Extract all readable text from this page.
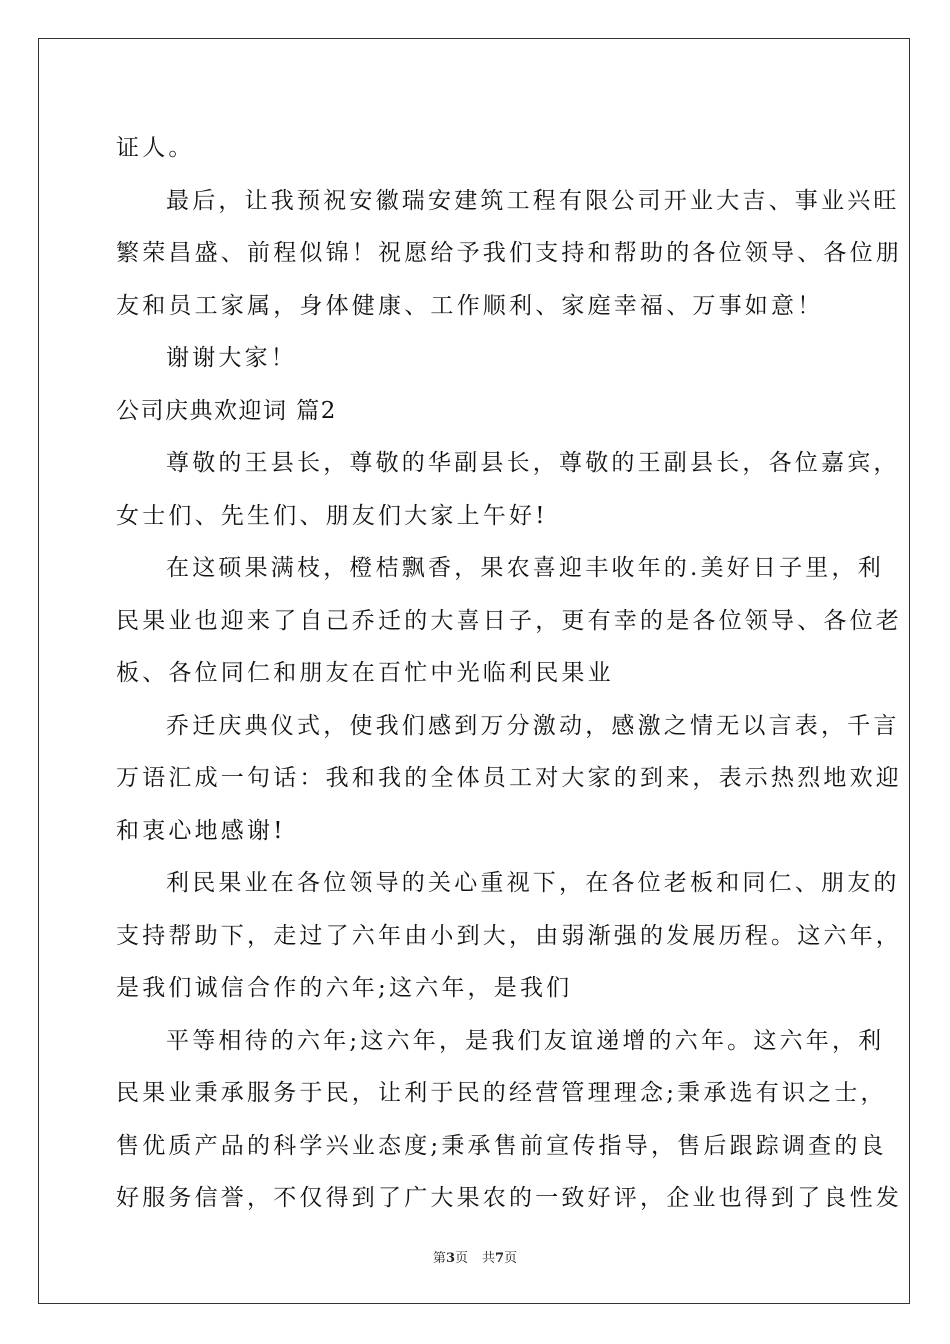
证人。
最后，让我预祝安徽瑞安建筑工程有限公司开业大吉、事业兴旺
繁荣昌盛、前程似锦！祝愿给予我们支持和帮助的各位领导、各位朋
友和员工家属，身体健康、工作顺利、家庭幸福、万事如意！
谢谢大家！
公司庆典欢迎词 篇2
尊敬的王县长，尊敬的华副县长，尊敬的王副县长，各位嘉宾，
女士们、先生们、朋友们大家上午好!
在这硕果满枝，橙桔飘香，果农喜迎丰收年的.美好日子里，利
民果业也迎来了自己乔迁的大喜日子，更有幸的是各位领导、各位老
板、各位同仁和朋友在百忙中光临利民果业
乔迁庆典仪式，使我们感到万分激动，感激之情无以言表，千言
万语汇成一句话：我和我的全体员工对大家的到来，表示热烈地欢迎
和衷心地感谢!
利民果业在各位领导的关心重视下，在各位老板和同仁、朋友的
支持帮助下，走过了六年由小到大，由弱渐强的发展历程。这六年，
是我们诚信合作的六年;这六年，是我们
平等相待的六年;这六年，是我们友谊递增的六年。这六年，利
民果业秉承服务于民，让利于民的经营管理理念;秉承选有识之士，
售优质产品的科学兴业态度;秉承售前宣传指导，售后跟踪调查的良
好服务信誉，不仅得到了广大果农的一致好评，企业也得到了良性发
第3页 共7页
